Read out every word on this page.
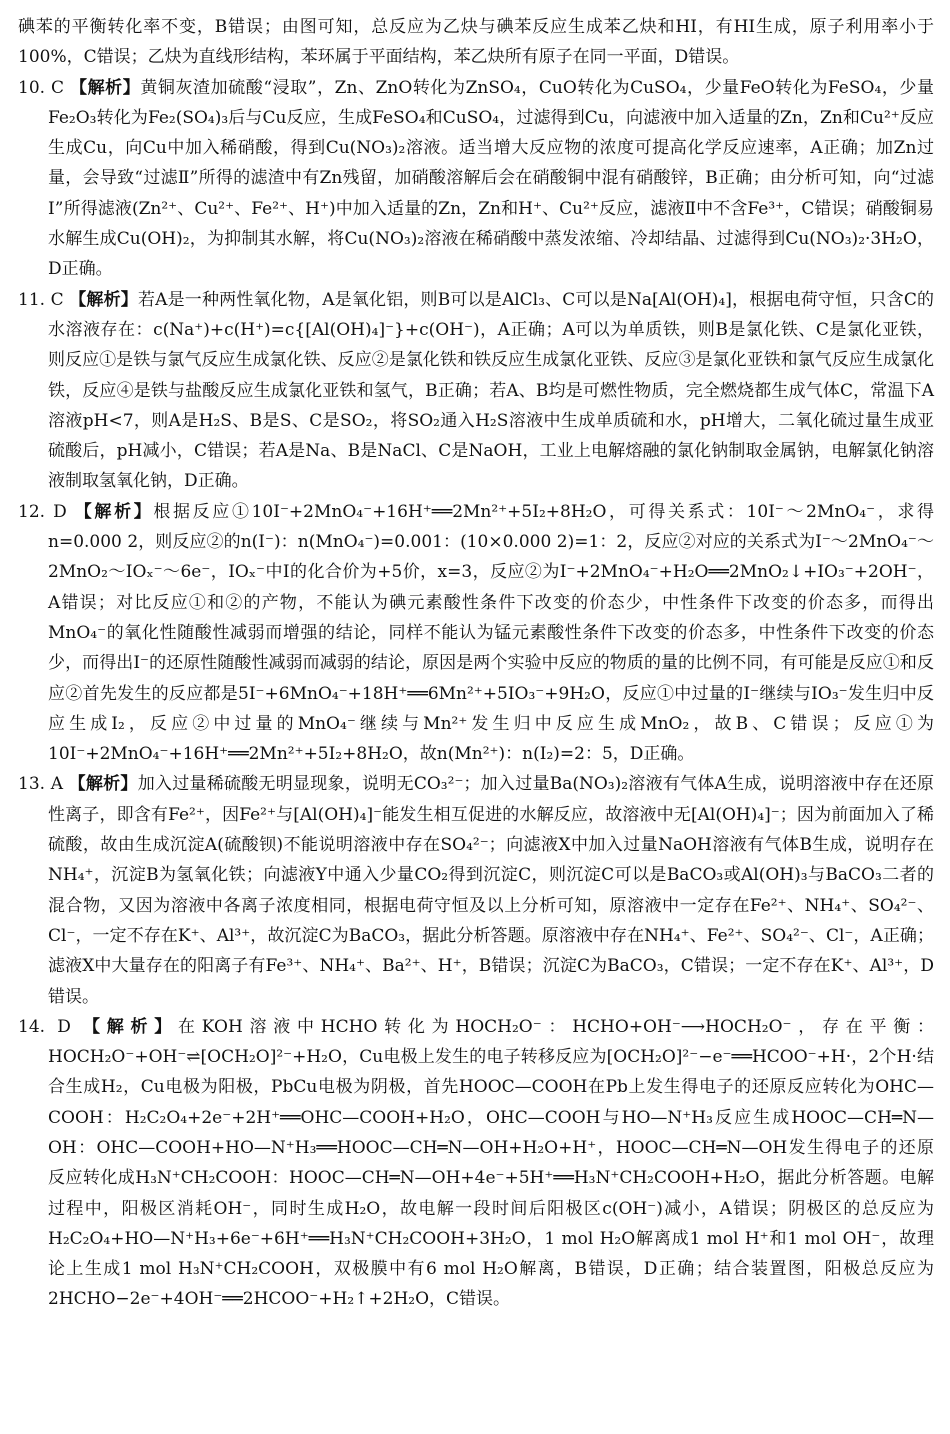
碘苯的平衡转化率不变，B错误；由图可知，总反应为乙炔与碘苯反应生成苯乙炔和HI，有HI生成，原子利用率小于100%，C错误；乙炔为直线形结构，苯环属于平面结构，苯乙炔所有原子在同一平面，D错误。

10. C 【解析】黄铜灰渣加硫酸“浸取”，Zn、ZnO转化为ZnSO₄，CuO转化为CuSO₄，少量FeO转化为FeSO₄，少量Fe₂O₃转化为Fe₂(SO₄)₃后与Cu反应，生成FeSO₄和CuSO₄，过滤得到Cu，向滤液中加入适量的Zn，Zn和Cu²⁺反应生成Cu，向Cu中加入稀硝酸，得到Cu(NO₃)₂溶液。适当增大反应物的浓度可提高化学反应速率，A正确；加Zn过量，会导致“过滤Ⅱ”所得的滤渣中有Zn残留，加硝酸溶解后会在硝酸铜中混有硝酸锌，B正确；由分析可知，向“过滤Ⅰ”所得滤液(Zn²⁺、Cu²⁺、Fe²⁺、H⁺)中加入适量的Zn，Zn和H⁺、Cu²⁺反应，滤液Ⅱ中不含Fe³⁺，C错误；硝酸铜易水解生成Cu(OH)₂，为抑制其水解，将Cu(NO₃)₂溶液在稀硝酸中蒸发浓缩、冷却结晶、过滤得到Cu(NO₃)₂·3H₂O，D正确。

11. C 【解析】若A是一种两性氧化物，A是氧化铝，则B可以是AlCl₃、C可以是Na[Al(OH)₄]，根据电荷守恒，只含C的水溶液存在：c(Na⁺)+c(H⁺)=c{[Al(OH)₄]⁻}+c(OH⁻)，A正确；A可以为单质铁，则B是氯化铁、C是氯化亚铁，则反应①是铁与氯气反应生成氯化铁、反应②是氯化铁和铁反应生成氯化亚铁、反应③是氯化亚铁和氯气反应生成氯化铁，反应④是铁与盐酸反应生成氯化亚铁和氢气，B正确；若A、B均是可燃性物质，完全燃烧都生成气体C，常温下A溶液pH<7，则A是H₂S、B是S、C是SO₂，将SO₂通入H₂S溶液中生成单质硫和水，pH增大，二氧化硫过量生成亚硫酸后，pH减小，C错误；若A是Na、B是NaCl、C是NaOH，工业上电解熔融的氯化钠制取金属钠，电解氯化钠溶液制取氢氧化钠，D正确。

12. D 【解析】根据反应①10I⁻+2MnO₄⁻+16H⁺══2Mn²⁺+5I₂+8H₂O，可得关系式：10I⁻～2MnO₄⁻，求得n=0.000 2，则反应②的n(I⁻)：n(MnO₄⁻)=0.001：(10×0.000 2)=1：2，反应②对应的关系式为I⁻～2MnO₄⁻～2MnO₂～IOₓ⁻～6e⁻，IOₓ⁻中I的化合价为+5价，x=3，反应②为I⁻+2MnO₄⁻+H₂O══2MnO₂↓+IO₃⁻+2OH⁻，A错误；对比反应①和②的产物，不能认为碘元素酸性条件下改变的价态少，中性条件下改变的价态多，而得出MnO₄⁻的氧化性随酸性减弱而增强的结论，同样不能认为锰元素酸性条件下改变的价态多，中性条件下改变的价态少，而得出I⁻的还原性随酸性减弱而减弱的结论，原因是两个实验中反应的物质的量的比例不同，有可能是反应①和反应②首先发生的反应都是5I⁻+6MnO₄⁻+18H⁺══6Mn²⁺+5IO₃⁻+9H₂O，反应①中过量的I⁻继续与IO₃⁻发生归中反应生成I₂，反应②中过量的MnO₄⁻继续与Mn²⁺发生归中反应生成MnO₂，故B、C错误；反应①为10I⁻+2MnO₄⁻+16H⁺══2Mn²⁺+5I₂+8H₂O，故n(Mn²⁺)：n(I₂)=2：5，D正确。

13. A 【解析】加入过量稀硫酸无明显现象，说明无CO₃²⁻；加入过量Ba(NO₃)₂溶液有气体A生成，说明溶液中存在还原性离子，即含有Fe²⁺，因Fe²⁺与[Al(OH)₄]⁻能发生相互促进的水解反应，故溶液中无[Al(OH)₄]⁻；因为前面加入了稀硫酸，故由生成沉淀A(硫酸钡)不能说明溶液中存在SO₄²⁻；向滤液X中加入过量NaOH溶液有气体B生成，说明存在NH₄⁺，沉淀B为氢氧化铁；向滤液Y中通入少量CO₂得到沉淀C，则沉淀C可以是BaCO₃或Al(OH)₃与BaCO₃二者的混合物，又因为溶液中各离子浓度相同，根据电荷守恒及以上分析可知，原溶液中一定存在Fe²⁺、NH₄⁺、SO₄²⁻、Cl⁻，一定不存在K⁺、Al³⁺，故沉淀C为BaCO₃，据此分析答题。原溶液中存在NH₄⁺、Fe²⁺、SO₄²⁻、Cl⁻，A正确；滤液X中大量存在的阳离子有Fe³⁺、NH₄⁺、Ba²⁺、H⁺，B错误；沉淀C为BaCO₃，C错误；一定不存在K⁺、Al³⁺，D错误。

14. D 【解析】在KOH溶液中HCHO转化为HOCH₂O⁻：HCHO+OH⁻⟶HOCH₂O⁻，存在平衡：HOCH₂O⁻+OH⁻⇌[OCH₂O]²⁻+H₂O，Cu电极上发生的电子转移反应为[OCH₂O]²⁻−e⁻══HCOO⁻+H·，2个H·结合生成H₂，Cu电极为阳极，PbCu电极为阴极，首先HOOC—COOH在Pb上发生得电子的还原反应转化为OHC—COOH：H₂C₂O₄+2e⁻+2H⁺══OHC—COOH+H₂O，OHC—COOH与HO—N⁺H₃反应生成HOOC—CH═N—OH：OHC—COOH+HO—N⁺H₃══HOOC—CH═N—OH+H₂O+H⁺，HOOC—CH═N—OH发生得电子的还原反应转化成H₃N⁺CH₂COOH：HOOC—CH═N—OH+4e⁻+5H⁺══H₃N⁺CH₂COOH+H₂O，据此分析答题。电解过程中，阳极区消耗OH⁻，同时生成H₂O，故电解一段时间后阳极区c(OH⁻)减小，A错误；阴极区的总反应为H₂C₂O₄+HO—N⁺H₃+6e⁻+6H⁺══H₃N⁺CH₂COOH+3H₂O，1 mol H₂O解离成1 mol H⁺和1 mol OH⁻，故理论上生成1 mol H₃N⁺CH₂COOH，双极膜中有6 mol H₂O解离，B错误，D正确；结合装置图，阳极总反应为2HCHO−2e⁻+4OH⁻══2HCOO⁻+H₂↑+2H₂O，C错误。
